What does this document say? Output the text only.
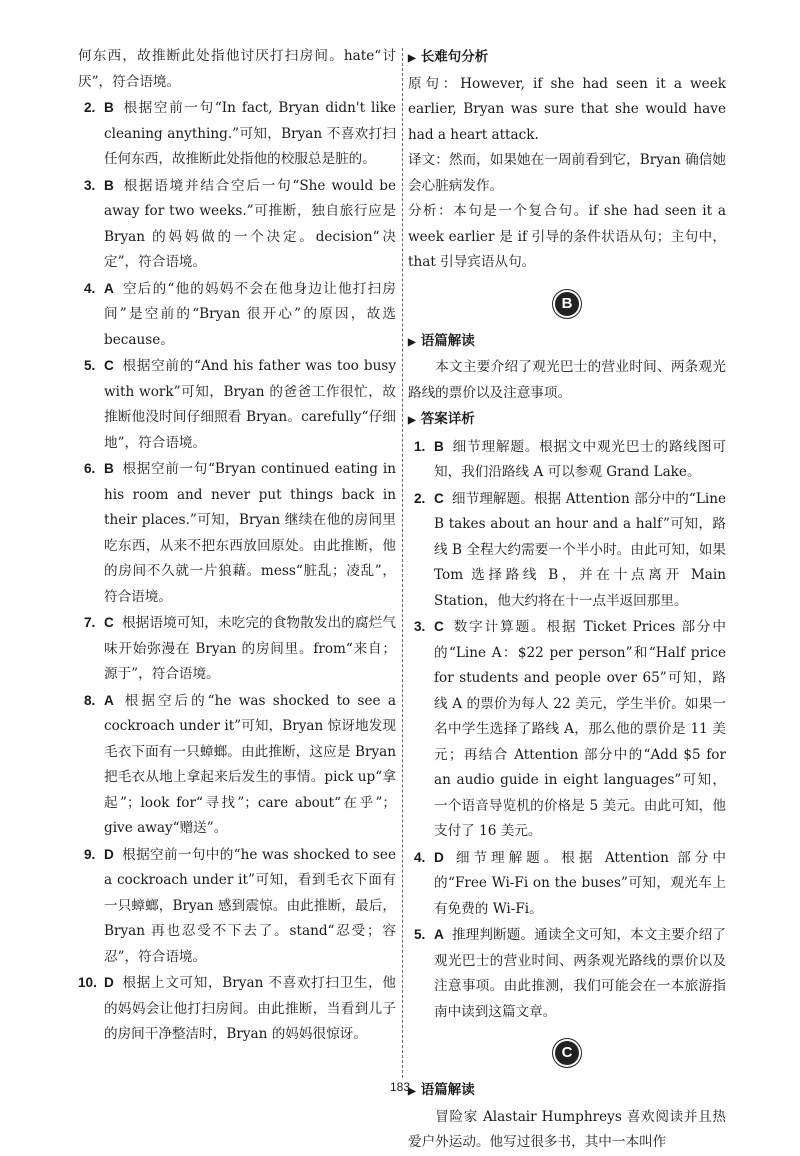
何东西，故推断此处指他讨厌打扫房间。hate“讨厌”，符合语境。
2. B 根据空前一句“In fact, Bryan didn't like cleaning anything.”可知，Bryan 不喜欢打扫任何东西，故推断此处指他的校服总是脏的。
3. B 根据语境并结合空后一句“She would be away for two weeks.”可推断，独自旅行应是 Bryan 的妈妈做的一个决定。decision“决定”，符合语境。
4. A 空后的“他的妈妈不会在他身边让他打扫房间”是空前的“Bryan 很开心”的原因，故选 because。
5. C 根据空前的“And his father was too busy with work”可知，Bryan 的爸爸工作很忙，故推断他没时间仔细照看 Bryan。carefully“仔细地”，符合语境。
6. B 根据空前一句“Bryan continued eating in his room and never put things back in their places.”可知，Bryan 继续在他的房间里吃东西，从来不把东西放回原处。由此推断，他的房间不久就一片狼藉。mess“脏乱；凌乱”，符合语境。
7. C 根据语境可知，未吃完的食物散发出的腐烂气味开始弥漫在 Bryan 的房间里。from“来自；源于”，符合语境。
8. A 根据空后的“he was shocked to see a cockroach under it”可知，Bryan 惊讶地发现毛衣下面有一只蟑螂。由此推断，这应是 Bryan 把毛衣从地上拿起来后发生的事情。pick up“拿起”；look for“寻找”；care about“在乎”；give away“赠送”。
9. D 根据空前一句中的“he was shocked to see a cockroach under it”可知，看到毛衣下面有一只蟑螂，Bryan 感到震惊。由此推断，最后，Bryan 再也忍受不下去了。stand“忍受；容忍”，符合语境。
10. D 根据上文可知，Bryan 不喜欢打扫卫生，他的妈妈会让他打扫房间。由此推断，当看到儿子的房间干净整洁时，Bryan 的妈妈很惊讶。
▶ 长难句分析
原句：However, if she had seen it a week earlier, Bryan was sure that she would have had a heart attack.
译文：然而，如果她在一周前看到它，Bryan 确信她会心脏病发作。
分析：本句是一个复合句。if she had seen it a week earlier 是 if 引导的条件状语从句；主句中，that 引导宾语从句。
B
▶ 语篇解读
本文主要介绍了观光巴士的营业时间、两条观光路线的票价以及注意事项。
▶ 答案详析
1. B 细节理解题。根据文中观光巴士的路线图可知，我们沿路线 A 可以参观 Grand Lake。
2. C 细节理解题。根据 Attention 部分中的“Line B takes about an hour and a half”可知，路线 B 全程大约需要一个半小时。由此可知，如果 Tom 选择路线 B，并在十点离开 Main Station，他大约将在十一点半返回那里。
3. C 数字计算题。根据 Ticket Prices 部分中的“Line A：$22 per person”和“Half price for students and people over 65”可知，路线 A 的票价为每人 22 美元，学生半价。如果一名中学生选择了路线 A，那么他的票价是 11 美元；再结合 Attention 部分中的“Add $5 for an audio guide in eight languages”可知，一个语音导览机的价格是 5 美元。由此可知，他支付了 16 美元。
4. D 细节理解题。根据 Attention 部分中的“Free Wi-Fi on the buses”可知，观光车上有免费的 Wi-Fi。
5. A 推理判断题。通读全文可知，本文主要介绍了观光巴士的营业时间、两条观光路线的票价以及注意事项。由此推测，我们可能会在一本旅游指南中读到这篇文章。
C
▶ 语篇解读
冒险家 Alastair Humphreys 喜欢阅读并且热爱户外运动。他写过很多书，其中一本叫作
183
